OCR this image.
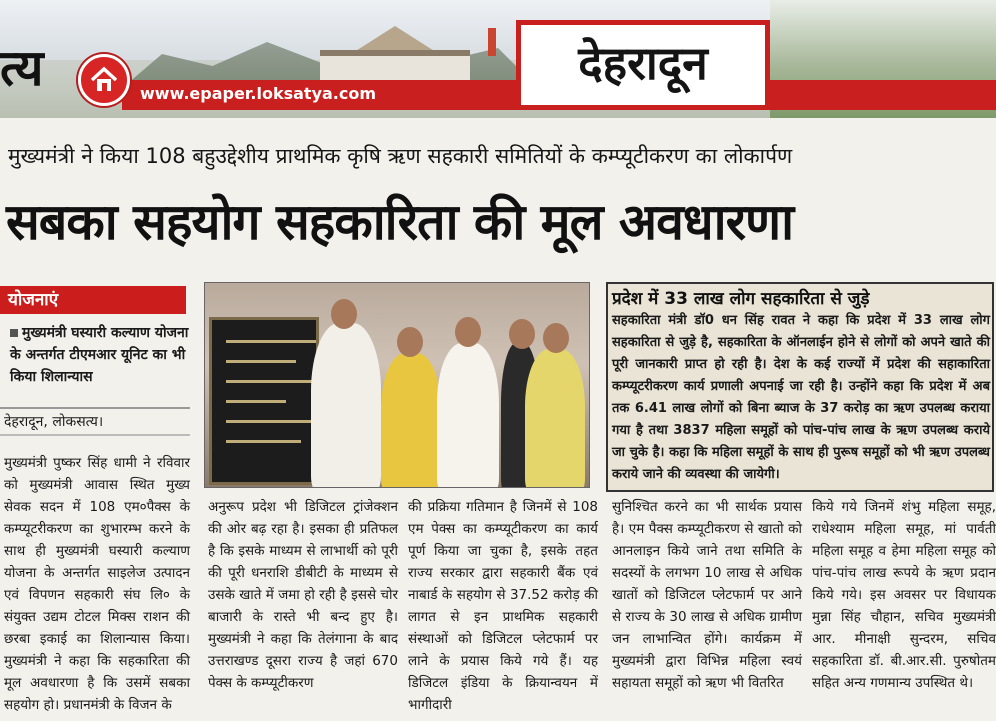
त्य	www.epaper.loksatya.com
देहरादून
मुख्यमंत्री ने किया 108 बहुउद्देशीय प्राथमिक कृषि ऋण सहकारी समितियों के कम्प्यूटीकरण का लोकार्पण
सबका सहयोग सहकारिता की मूल अवधारणा
योजनाएं
मुख्यमंत्री घस्यारी कल्याण योजना के अन्तर्गत टीएमआर यूनिट का भी किया शिलान्यास
देहरादून, लोकसत्य।
मुख्यमंत्री पुष्कर सिंह धामी ने रविवार को मुख्यमंत्री आवास स्थित मुख्य सेवक सदन में 108 एम०पैक्स के कम्प्यूटरीकरण का शुभारम्भ करने के साथ ही मुख्यमंत्री घस्यारी कल्याण योजना के अन्तर्गत साइलेज उत्पादन एवं विपणन सहकारी संघ लि० के संयुक्त उद्यम टोटल मिक्स राशन की छरबा इकाई का शिलान्यास किया। मुख्यमंत्री ने कहा कि सहकारिता की मूल अवधारणा है कि उसमें सबका सहयोग हो। प्रधानमंत्री के विजन के
प्रदेश में 33 लाख लोग सहकारिता से जुड़े
सहकारिता मंत्री डॉ0 धन सिंह रावत ने कहा कि प्रदेश में 33 लाख लोग सहकारिता से जुड़े है, सहकारिता के ऑनलाईन होने से लोगों को अपने खाते की पूरी जानकारी प्राप्त हो रही है। देश के कई राज्यों में प्रदेश की सहाकारिता कम्प्यूटरीकरण कार्य प्रणाली अपनाई जा रही है। उन्होंने कहा कि प्रदेश में अब तक 6.41 लाख लोगों को बिना ब्याज के 37 करोड़ का ऋण उपलब्ध कराया गया है तथा 3837 महिला समूहों को पांच-पांच लाख के ऋण उपलब्ध कराये जा चुके है। कहा कि महिला समूहों के साथ ही पुरूष समूहों को भी ऋण उपलब्ध कराये जाने की व्यवस्था की जायेगी।
अनुरूप प्रदेश भी डिजिटल ट्रांजेक्शन की ओर बढ़ रहा है। इसका ही प्रतिफल है कि इसके माध्यम से लाभार्थी को पूरी की पूरी धनराशि डीबीटी के माध्यम से उसके खाते में जमा हो रही है इससे चोर बाजारी के रास्ते भी बन्द हुए है। मुख्यमंत्री ने कहा कि तेलंगाना के बाद उत्तराखण्ड दूसरा राज्य है जहां 670 पेक्स के कम्प्यूटीकरण
की प्रक्रिया गतिमान है जिनमें से 108 एम पेक्स का कम्प्यूटीकरण का कार्य पूर्ण किया जा चुका है, इसके तहत राज्य सरकार द्वारा सहकारी बैंक एवं नाबार्ड के सहयोग से 37.52 करोड़ की लागत से इन प्राथमिक सहकारी संस्थाओं को डिजिटल प्लेटफार्म पर लाने के प्रयास किये गये हैं। यह डिजिटल इंडिया के क्रियान्वयन में भागीदारी
सुनिश्चित करने का भी सार्थक प्रयास है। एम पैक्स कम्प्यूटीकरण से खातो को आनलाइन किये जाने तथा समिति के सदस्यों के लगभग 10 लाख से अधिक खातों को डिजिटल प्लेटफार्म पर आने से राज्य के 30 लाख से अधिक ग्रामीण जन लाभान्वित होंगे। कार्यक्रम में मुख्यमंत्री द्वारा विभिन्न महिला स्वयं सहायता समूहों को ऋण भी वितरित
किये गये जिनमें शंभु महिला समूह, राधेश्याम महिला समूह, मां पार्वती महिला समूह व हेमा महिला समूह को पांच-पांच लाख रूपये के ऋण प्रदान किये गये। इस अवसर पर विधायक मुन्ना सिंह चौहान, सचिव मुख्यमंत्री आर. मीनाक्षी सुन्दरम, सचिव सहकारिता डॉ. बी.आर.सी. पुरुषोतम सहित अन्य गणमान्य उपस्थित थे।
